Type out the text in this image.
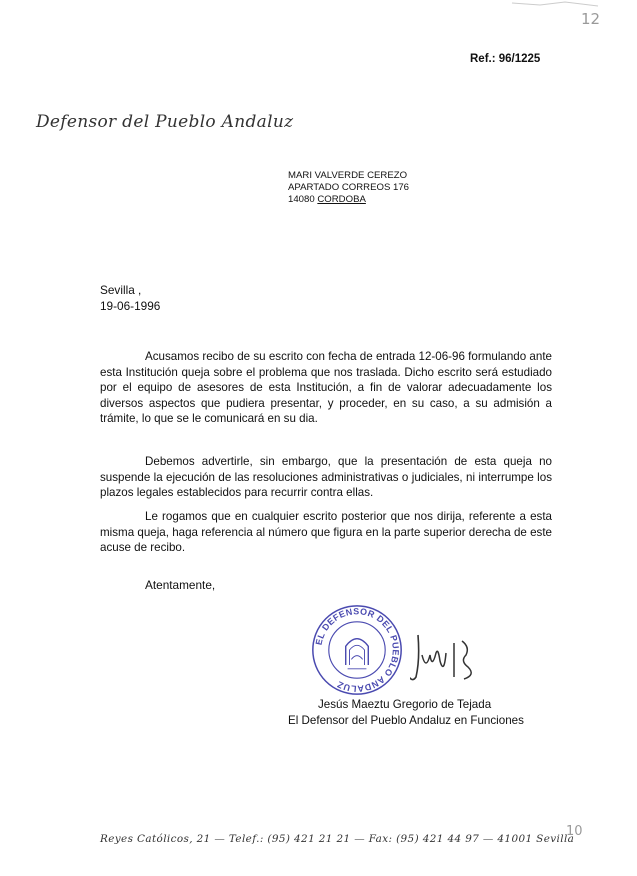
12
Ref.: 96/1225
Defensor del Pueblo Andaluz
MARI VALVERDE CEREZO
APARTADO CORREOS 176
14080 CORDOBA
Sevilla ,
19-06-1996

Acusamos recibo de su escrito con fecha de entrada 12-06-96 formulando ante esta Institución queja sobre el problema que nos traslada. Dicho escrito será estudiado por el equipo de asesores de esta Institución, a fin de valorar adecuadamente los diversos aspectos que pudiera presentar, y proceder, en su caso, a su admisión a trámite, lo que se le comunicará en su dia.

Debemos advertirle, sin embargo, que la presentación de esta queja no suspende la ejecución de las resoluciones administrativas o judiciales, ni interrumpe los plazos legales establecidos para recurrir contra ellas.

Le rogamos que en cualquier escrito posterior que nos dirija, referente a esta misma queja, haga referencia al número que figura en la parte superior derecha de este acuse de recibo.

Atentamente,
EL DEFENSOR DEL PUEBLO ANDALUZ
Jesús Maeztu Gregorio de Tejada
El Defensor del Pueblo Andaluz en Funciones
Reyes Católicos, 21 — Telef.: (95) 421 21 21 — Fax: (95) 421 44 97 — 41001 Sevilla
10
